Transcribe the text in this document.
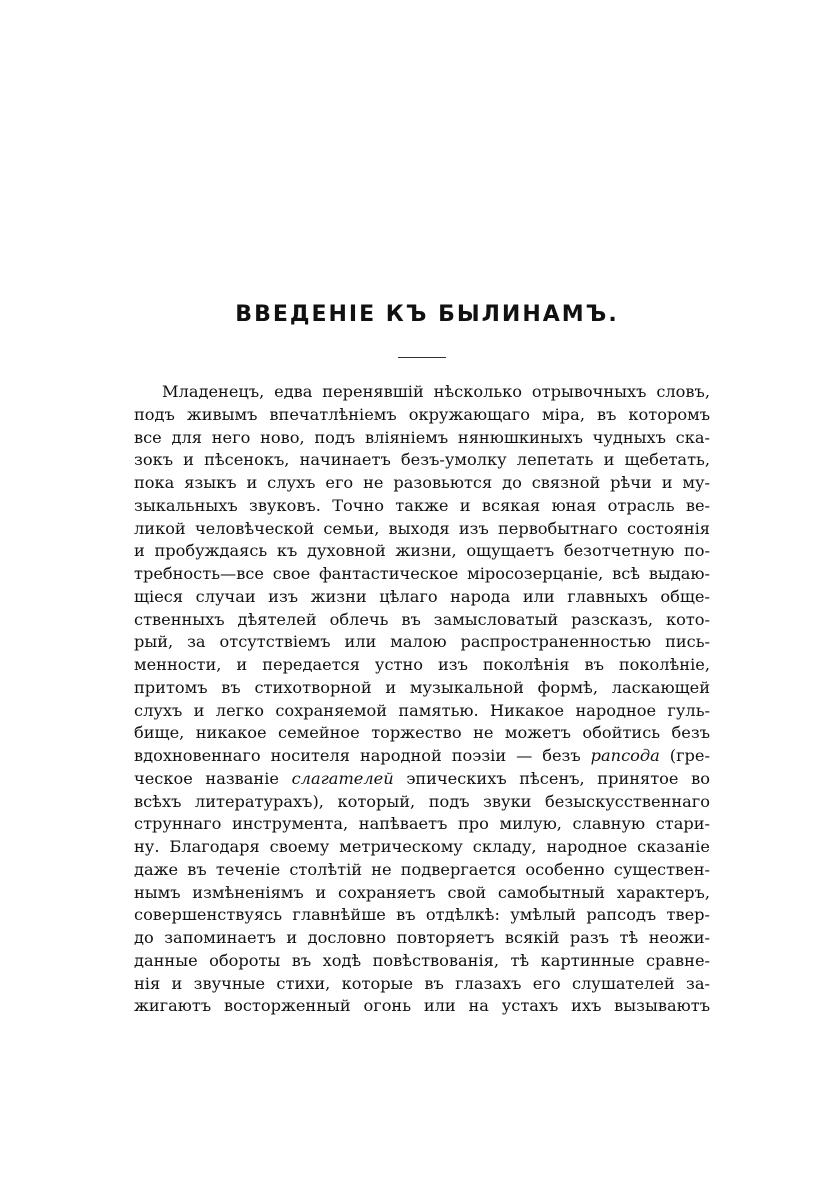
ВВЕДЕНІЕ КЪ БЫЛИНАМЪ.
Младенецъ, едва перенявшій нѣсколько отрывочныхъ словъ,
подъ живымъ впечатлѣніемъ окружающаго міра, въ которомъ
все для него ново, подъ вліяніемъ нянюшкиныхъ чудныхъ ска-
зокъ и пѣсенокъ, начинаетъ безъ-умолку лепетать и щебетать,
пока языкъ и слухъ его не разовьются до связной рѣчи и му-
зыкальныхъ звуковъ. Точно также и всякая юная отрасль ве-
ликой человѣческой семьи, выходя изъ первобытнаго состоянія
и пробуждаясь къ духовной жизни, ощущаетъ безотчетную по-
требность—все свое фантастическое міросозерцаніе, всѣ выдаю-
щіеся случаи изъ жизни цѣлаго народа или главныхъ обще-
ственныхъ дѣятелей облечь въ замысловатый разсказъ, кото-
рый, за отсутствіемъ или малою распространенностью пись-
менности, и передается устно изъ поколѣнія въ поколѣніе,
притомъ въ стихотворной и музыкальной формѣ, ласкающей
слухъ и легко сохраняемой памятью. Никакое народное гуль-
бище, никакое семейное торжество не можетъ обойтись безъ
вдохновеннаго носителя народной поэзіи — безъ рапсода (гре-
ческое названіе слагателей эпическихъ пѣсенъ, принятое во
всѣхъ литературахъ), который, подъ звуки безыскусственнаго
струннаго инструмента, напѣваетъ про милую, славную стари-
ну. Благодаря своему метрическому складу, народное сказаніе
даже въ теченіе столѣтій не подвергается особенно существен-
нымъ измѣненіямъ и сохраняетъ свой самобытный характеръ,
совершенствуясь главнѣйше въ отдѣлкѣ: умѣлый рапсодъ твер-
до запоминаетъ и дословно повторяетъ всякій разъ тѣ неожи-
данные обороты въ ходѣ повѣствованія, тѣ картинные сравне-
нія и звучные стихи, которые въ глазахъ его слушателей за-
жигаютъ восторженный огонь или на устахъ ихъ вызываютъ
